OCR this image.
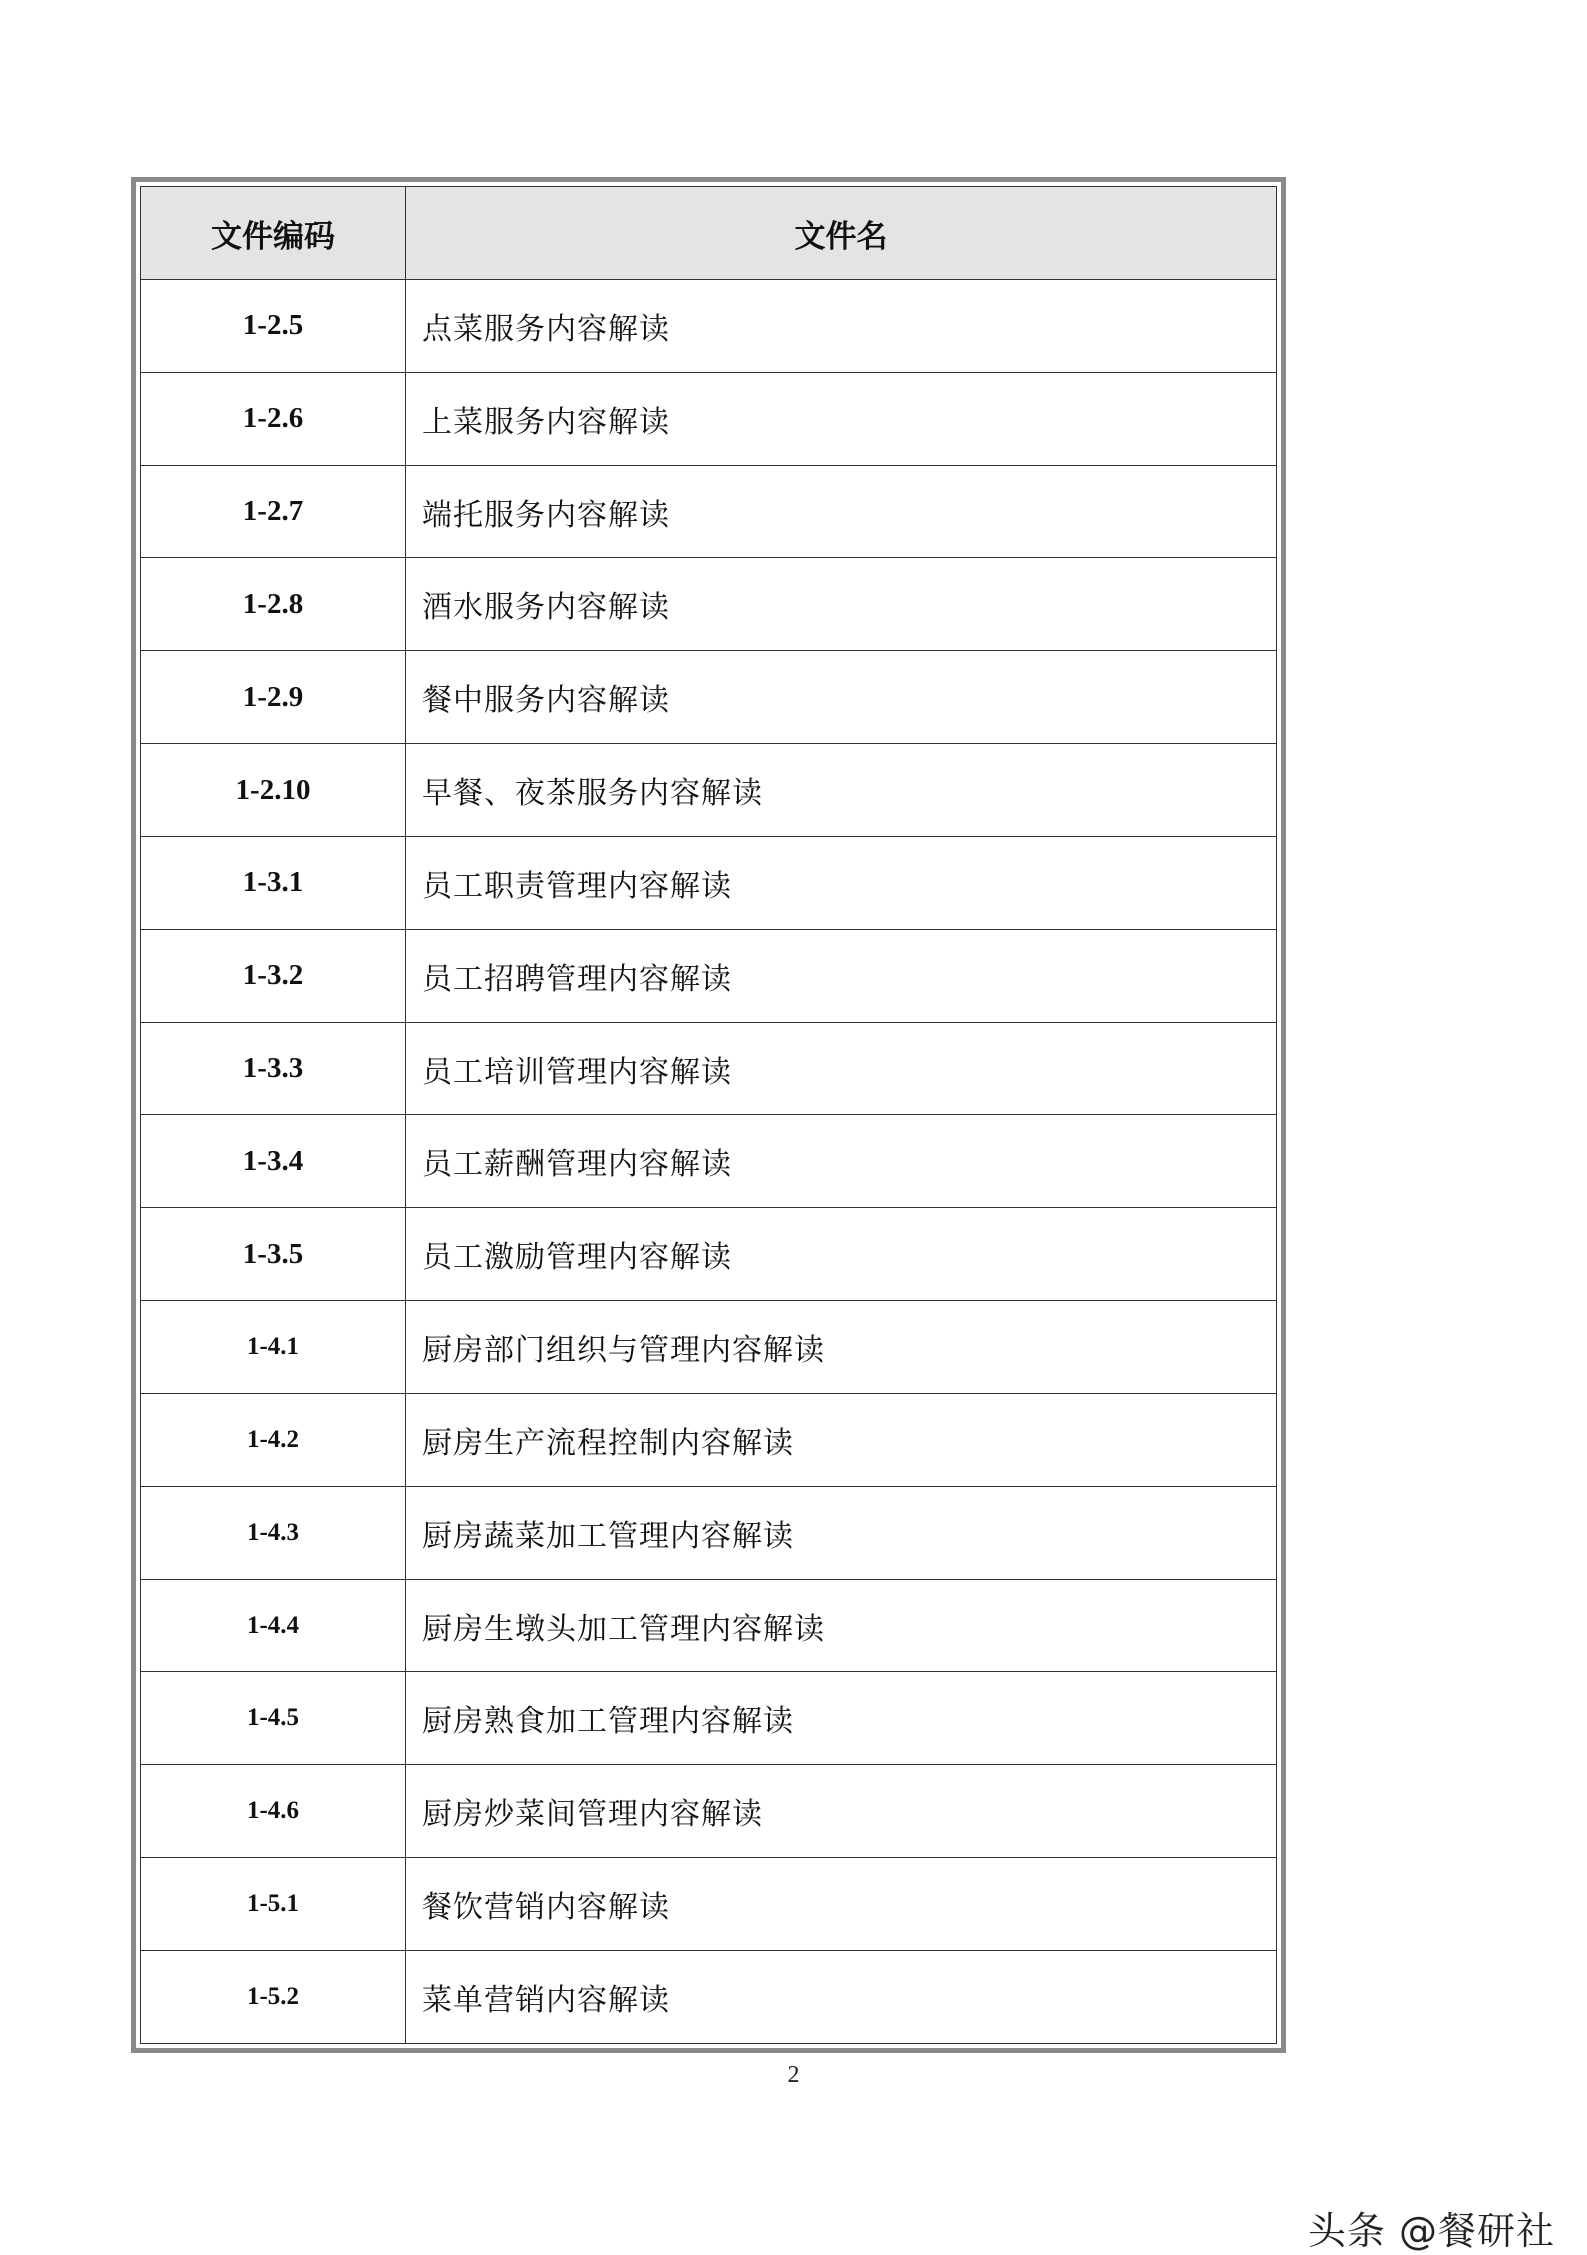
文件编码	文件名
1-2.5	点菜服务内容解读
1-2.6	上菜服务内容解读
1-2.7	端托服务内容解读
1-2.8	酒水服务内容解读
1-2.9	餐中服务内容解读
1-2.10	早餐、夜茶服务内容解读
1-3.1	员工职责管理内容解读
1-3.2	员工招聘管理内容解读
1-3.3	员工培训管理内容解读
1-3.4	员工薪酬管理内容解读
1-3.5	员工激励管理内容解读
1-4.1	厨房部门组织与管理内容解读
1-4.2	厨房生产流程控制内容解读
1-4.3	厨房蔬菜加工管理内容解读
1-4.4	厨房生墩头加工管理内容解读
1-4.5	厨房熟食加工管理内容解读
1-4.6	厨房炒菜间管理内容解读
1-5.1	餐饮营销内容解读
1-5.2	菜单营销内容解读
2
头条 @餐研社
